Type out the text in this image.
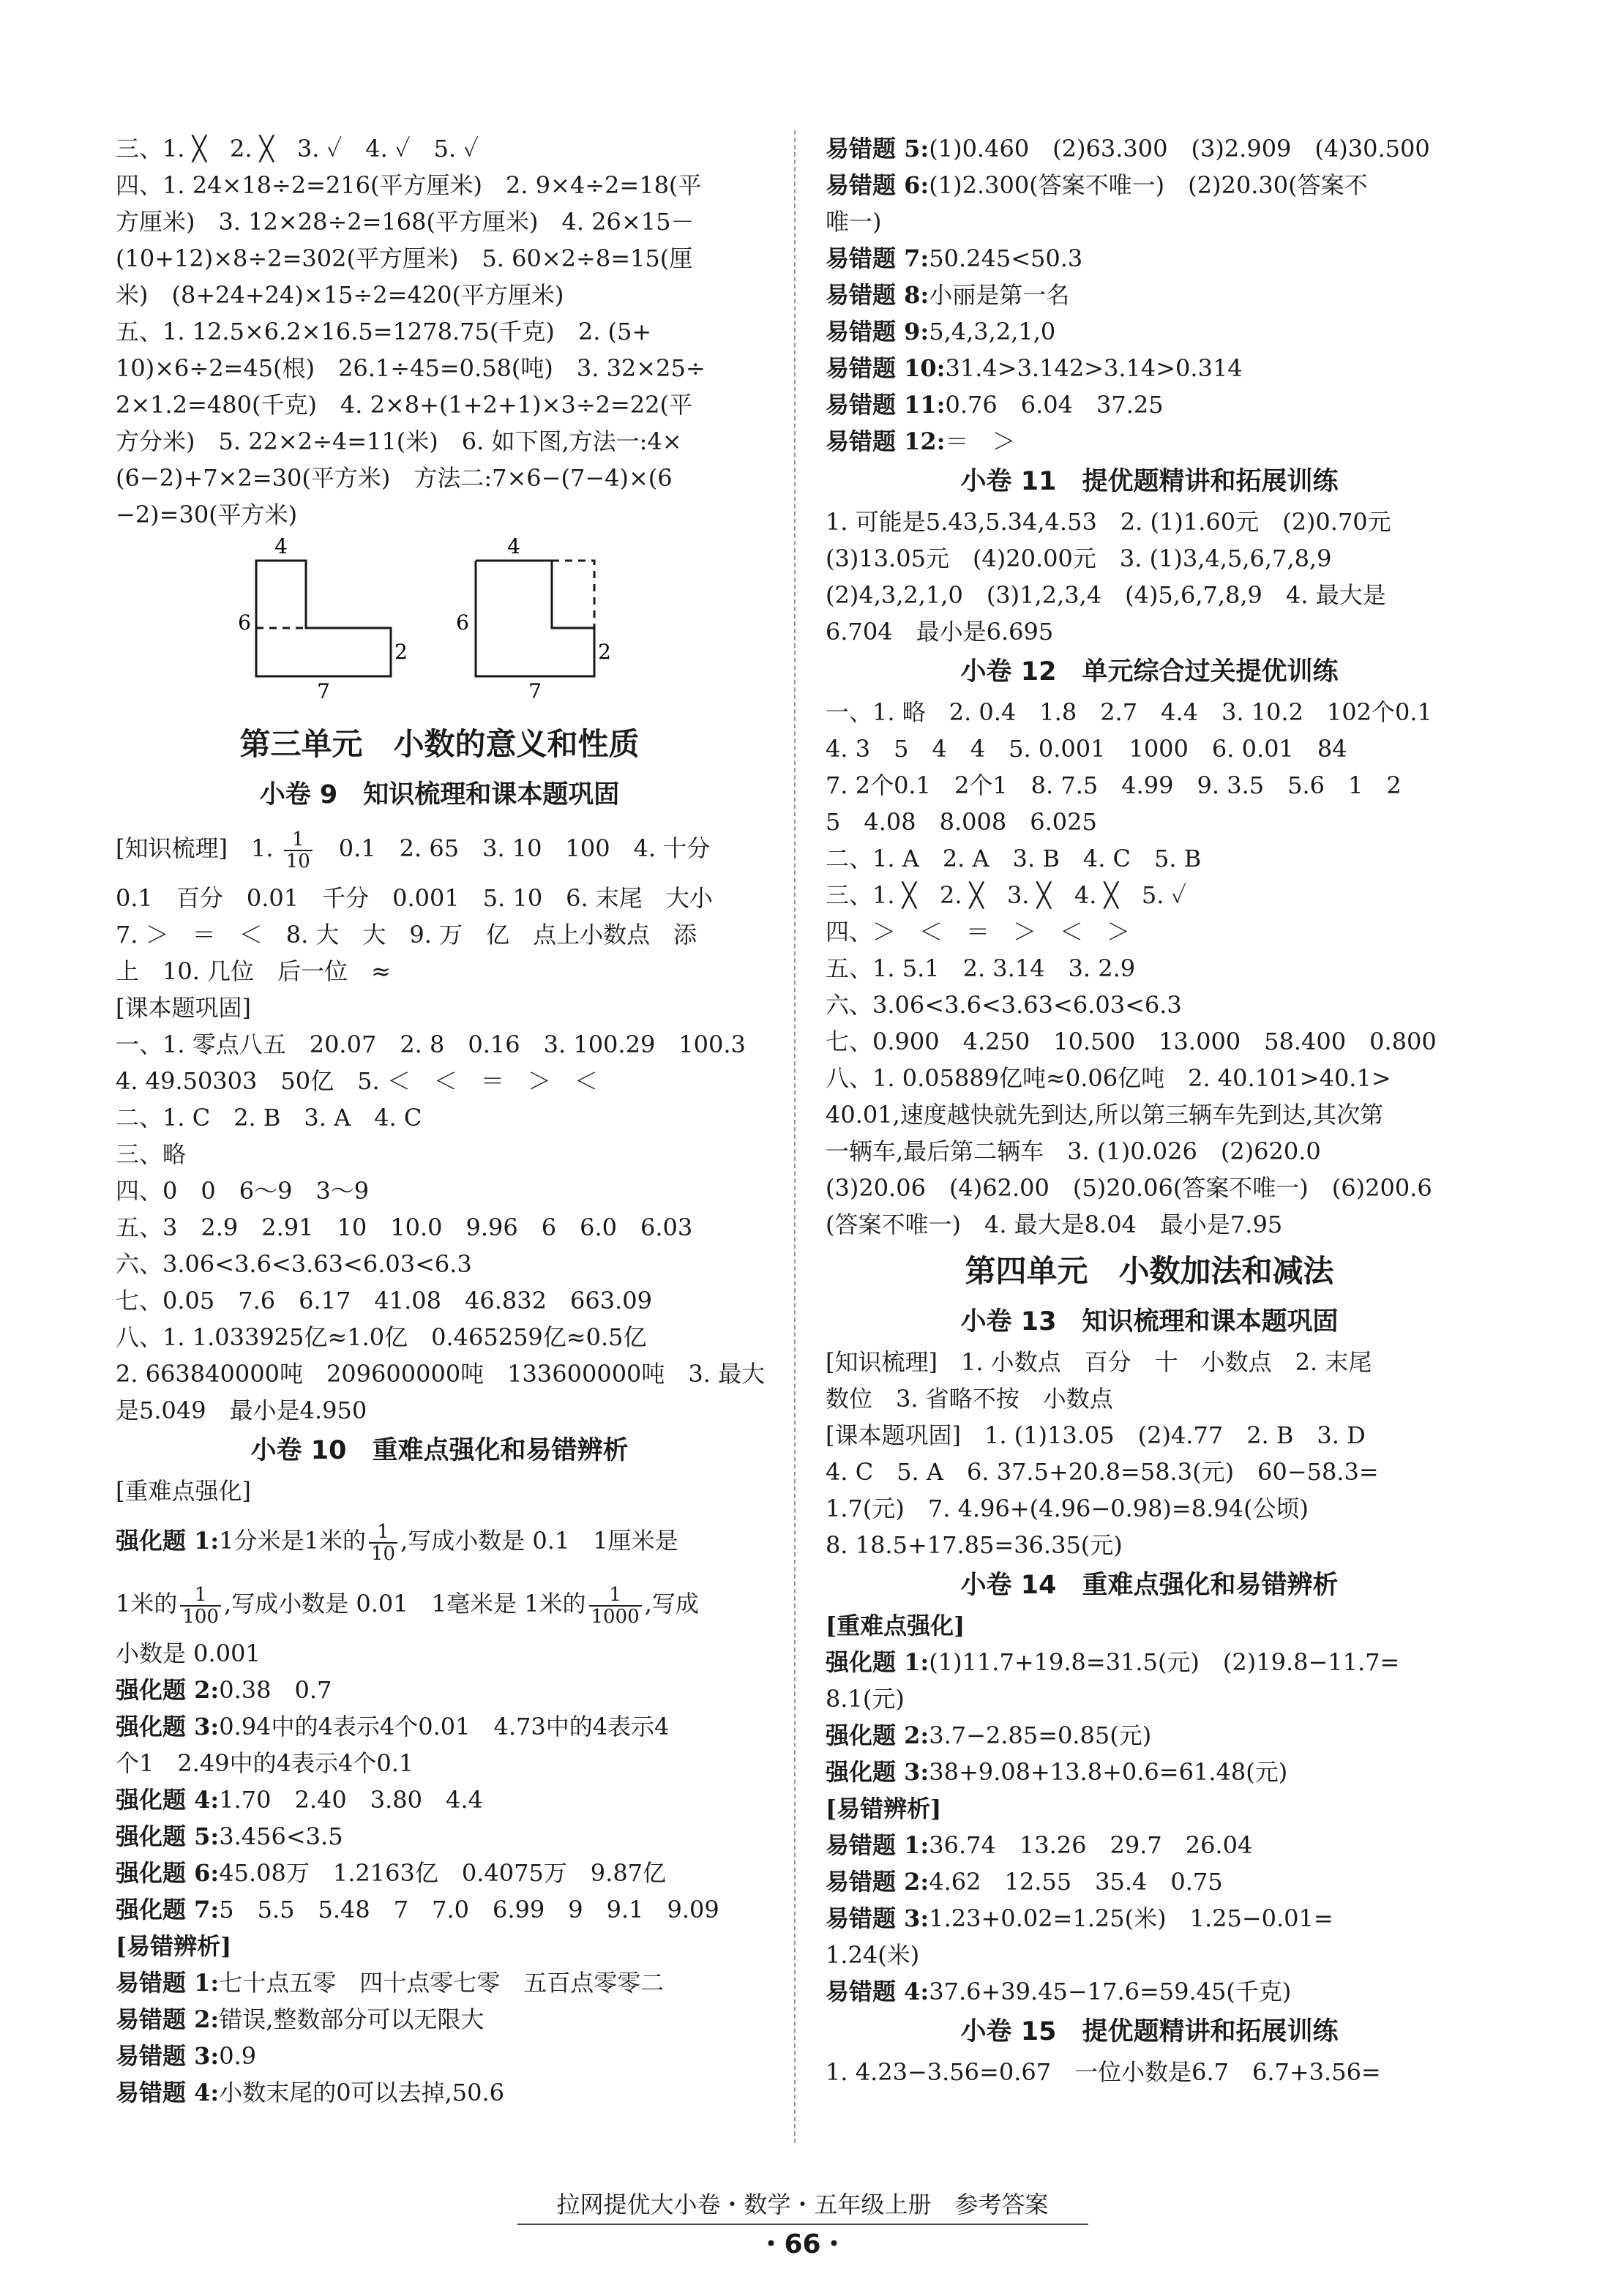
三、1. ╳　2. ╳　3. ✓　4. ✓　5. ✓
四、1. 24×18÷2=216(平方厘米)　2. 9×4÷2=18(平
方厘米)　3. 12×28÷2=168(平方厘米)　4. 26×15－
(10+12)×8÷2=302(平方厘米)　5. 60×2÷8=15(厘
米)　(8+24+24)×15÷2=420(平方厘米)
五、1. 12.5×6.2×16.5=1278.75(千克)　2. (5+
10)×6÷2=45(根)　26.1÷45=0.58(吨)　3. 32×25÷
2×1.2=480(千克)　4. 2×8+(1+2+1)×3÷2=22(平
方分米)　5. 22×2÷4=11(米)　6. 如下图,方法一:4×
(6−2)+7×2=30(平方米)　方法二:7×6−(7−4)×(6
−2)=30(平方米)
4
6
2
7
4
6
2
7
第三单元　小数的意义和性质
小卷 9　知识梳理和课本题巩固
[知识梳理]　1. $\frac{1}{10}$ 　0.1　2. 65　3. 10　100　4. 十分
0.1　百分　0.01　千分　0.001　5. 10　6. 末尾　大小
7. ＞　＝　＜　8. 大　大　9. 万　亿　点上小数点　添
上　10. 几位　后一位　≈
[课本题巩固]
一、1. 零点八五　20.07　2. 8　0.16　3. 100.29　100.3
4. 49.50303　50亿　5. ＜　＜　＝　＞　＜
二、1. C　2. B　3. A　4. C
三、略
四、0　0　6～9　3～9
五、3　2.9　2.91　10　10.0　9.96　6　6.0　6.03
六、3.06<3.6<3.63<6.03<6.3
七、0.05　7.6　6.17　41.08　46.832　663.09
八、1. 1.033925亿≈1.0亿　0.465259亿≈0.5亿
2. 663840000吨　209600000吨　133600000吨　3. 最大
是5.049　最小是4.950
小卷 10　重难点强化和易错辨析
[重难点强化]
强化题 1:1分米是1米的 $\frac{1}{10}$ ,写成小数是 0.1　1厘米是
1米的 $\frac{1}{100}$ ,写成小数是 0.01　1毫米是 1米的 $\frac{1}{1000}$ ,写成
小数是 0.001
强化题 2:0.38　0.7
强化题 3:0.94中的4表示4个0.01　4.73中的4表示4
个1　2.49中的4表示4个0.1
强化题 4:1.70　2.40　3.80　4.4
强化题 5:3.456<3.5
强化题 6:45.08万　1.2163亿　0.4075万　9.87亿
强化题 7:5　5.5　5.48　7　7.0　6.99　9　9.1　9.09
[易错辨析]
易错题 1:七十点五零　四十点零七零　五百点零零二
易错题 2:错误,整数部分可以无限大
易错题 3:0.9
易错题 4:小数末尾的0可以去掉,50.6
易错题 5:(1)0.460　(2)63.300　(3)2.909　(4)30.500
易错题 6:(1)2.300(答案不唯一)　(2)20.30(答案不
唯一)
易错题 7:50.245<50.3
易错题 8:小丽是第一名
易错题 9:5,4,3,2,1,0
易错题 10:31.4>3.142>3.14>0.314
易错题 11:0.76　6.04　37.25
易错题 12:＝　＞
小卷 11　提优题精讲和拓展训练
1. 可能是5.43,5.34,4.53　2. (1)1.60元　(2)0.70元
(3)13.05元　(4)20.00元　3. (1)3,4,5,6,7,8,9
(2)4,3,2,1,0　(3)1,2,3,4　(4)5,6,7,8,9　4. 最大是
6.704　最小是6.695
小卷 12　单元综合过关提优训练
一、1. 略　2. 0.4　1.8　2.7　4.4　3. 10.2　102个0.1
4. 3　5　4　4　5. 0.001　1000　6. 0.01　84
7. 2个0.1　2个1　8. 7.5　4.99　9. 3.5　5.6　1　2
5　4.08　8.008　6.025
二、1. A　2. A　3. B　4. C　5. B
三、1. ╳　2. ╳　3. ╳　4. ╳　5. ✓
四、＞　＜　＝　＞　＜　＞
五、1. 5.1　2. 3.14　3. 2.9
六、3.06<3.6<3.63<6.03<6.3
七、0.900　4.250　10.500　13.000　58.400　0.800
八、1. 0.05889亿吨≈0.06亿吨　2. 40.101>40.1>
40.01,速度越快就先到达,所以第三辆车先到达,其次第
一辆车,最后第二辆车　3. (1)0.026　(2)620.0
(3)20.06　(4)62.00　(5)20.06(答案不唯一)　(6)200.6
(答案不唯一)　4. 最大是8.04　最小是7.95
第四单元　小数加法和减法
小卷 13　知识梳理和课本题巩固
[知识梳理]　1. 小数点　百分　十　小数点　2. 末尾
数位　3. 省略不按　小数点
[课本题巩固]　1. (1)13.05　(2)4.77　2. B　3. D
4. C　5. A　6. 37.5+20.8=58.3(元)　60−58.3=
1.7(元)　7. 4.96+(4.96−0.98)=8.94(公顷)
8. 18.5+17.85=36.35(元)
小卷 14　重难点强化和易错辨析
[重难点强化]
强化题 1:(1)11.7+19.8=31.5(元)　(2)19.8−11.7=
8.1(元)
强化题 2:3.7−2.85=0.85(元)
强化题 3:38+9.08+13.8+0.6=61.48(元)
[易错辨析]
易错题 1:36.74　13.26　29.7　26.04
易错题 2:4.62　12.55　35.4　0.75
易错题 3:1.23+0.02=1.25(米)　1.25−0.01=
1.24(米)
易错题 4:37.6+39.45−17.6=59.45(千克)
小卷 15　提优题精讲和拓展训练
1. 4.23−3.56=0.67　一位小数是6.7　6.7+3.56=
拉网提优大小卷・数学・五年级上册　参考答案
・66・
